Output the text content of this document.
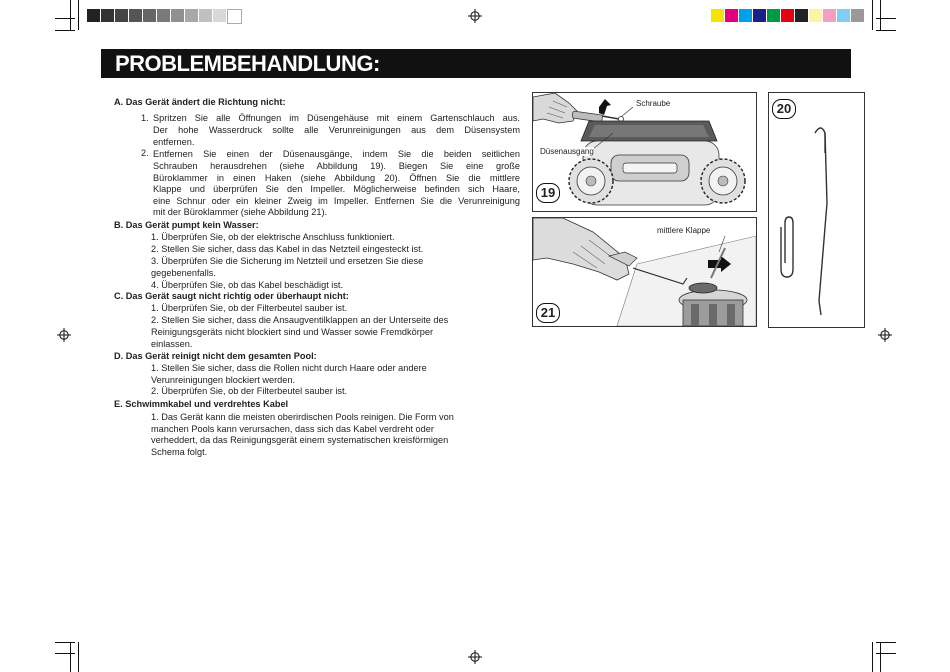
PROBLEMBEHANDLUNG:
A. Das Gerät ändert die Richtung nicht:
1. Spritzen Sie alle Öffnungen im Düsengehäuse mit einem Gartenschlauch aus.
Der hohe Wasserdruck sollte alle Verunreinigungen aus dem Düsensystem
entfernen.
2. Entfernen Sie einen der Düsenausgänge, indem Sie die beiden seitlichen
Schrauben herausdrehen (siehe Abbildung 19). Biegen Sie eine große
Büroklammer in einen Haken (siehe Abbildung 20). Öffnen Sie die mittlere
Klappe und überprüfen Sie den Impeller. Möglicherweise befinden sich Haare,
eine Schnur oder ein kleiner Zweig im Impeller. Entfernen Sie die Verunreinigung
mit der Büroklammer (siehe Abbildung 21).
B. Das Gerät pumpt kein Wasser:
1. Überprüfen Sie, ob der elektrische Anschluss funktioniert.
2. Stellen Sie sicher, dass das Kabel in das Netzteil eingesteckt ist.
3. Überprüfen Sie die Sicherung im Netzteil und ersetzen Sie diese
gegebenenfalls.
4. Überprüfen Sie, ob das Kabel beschädigt ist.
C. Das Gerät saugt nicht richtig oder überhaupt nicht:
1. Überprüfen Sie, ob der Filterbeutel sauber ist.
2. Stellen Sie sicher, dass die Ansaugventilklappen an der Unterseite des
Reinigungsgeräts nicht blockiert sind und Wasser sowie Fremdkörper
einlassen.
D. Das Gerät reinigt nicht dem gesamten Pool:
1. Stellen Sie sicher, dass die Rollen nicht durch Haare oder andere
Verunreinigungen blockiert werden.
2. Überprüfen Sie, ob der Filterbeutel sauber ist.
E. Schwimmkabel und verdrehtes Kabel
1. Das Gerät kann die meisten oberirdischen Pools reinigen. Die Form von
manchen Pools kann verursachen, dass sich das Kabel verdreht oder
verheddert, da das Reinigungsgerät einem systematischen kreisförmigen
Schema folgt.
Schraube
Düsenausgang
19
mittlere Klappe
21
20
